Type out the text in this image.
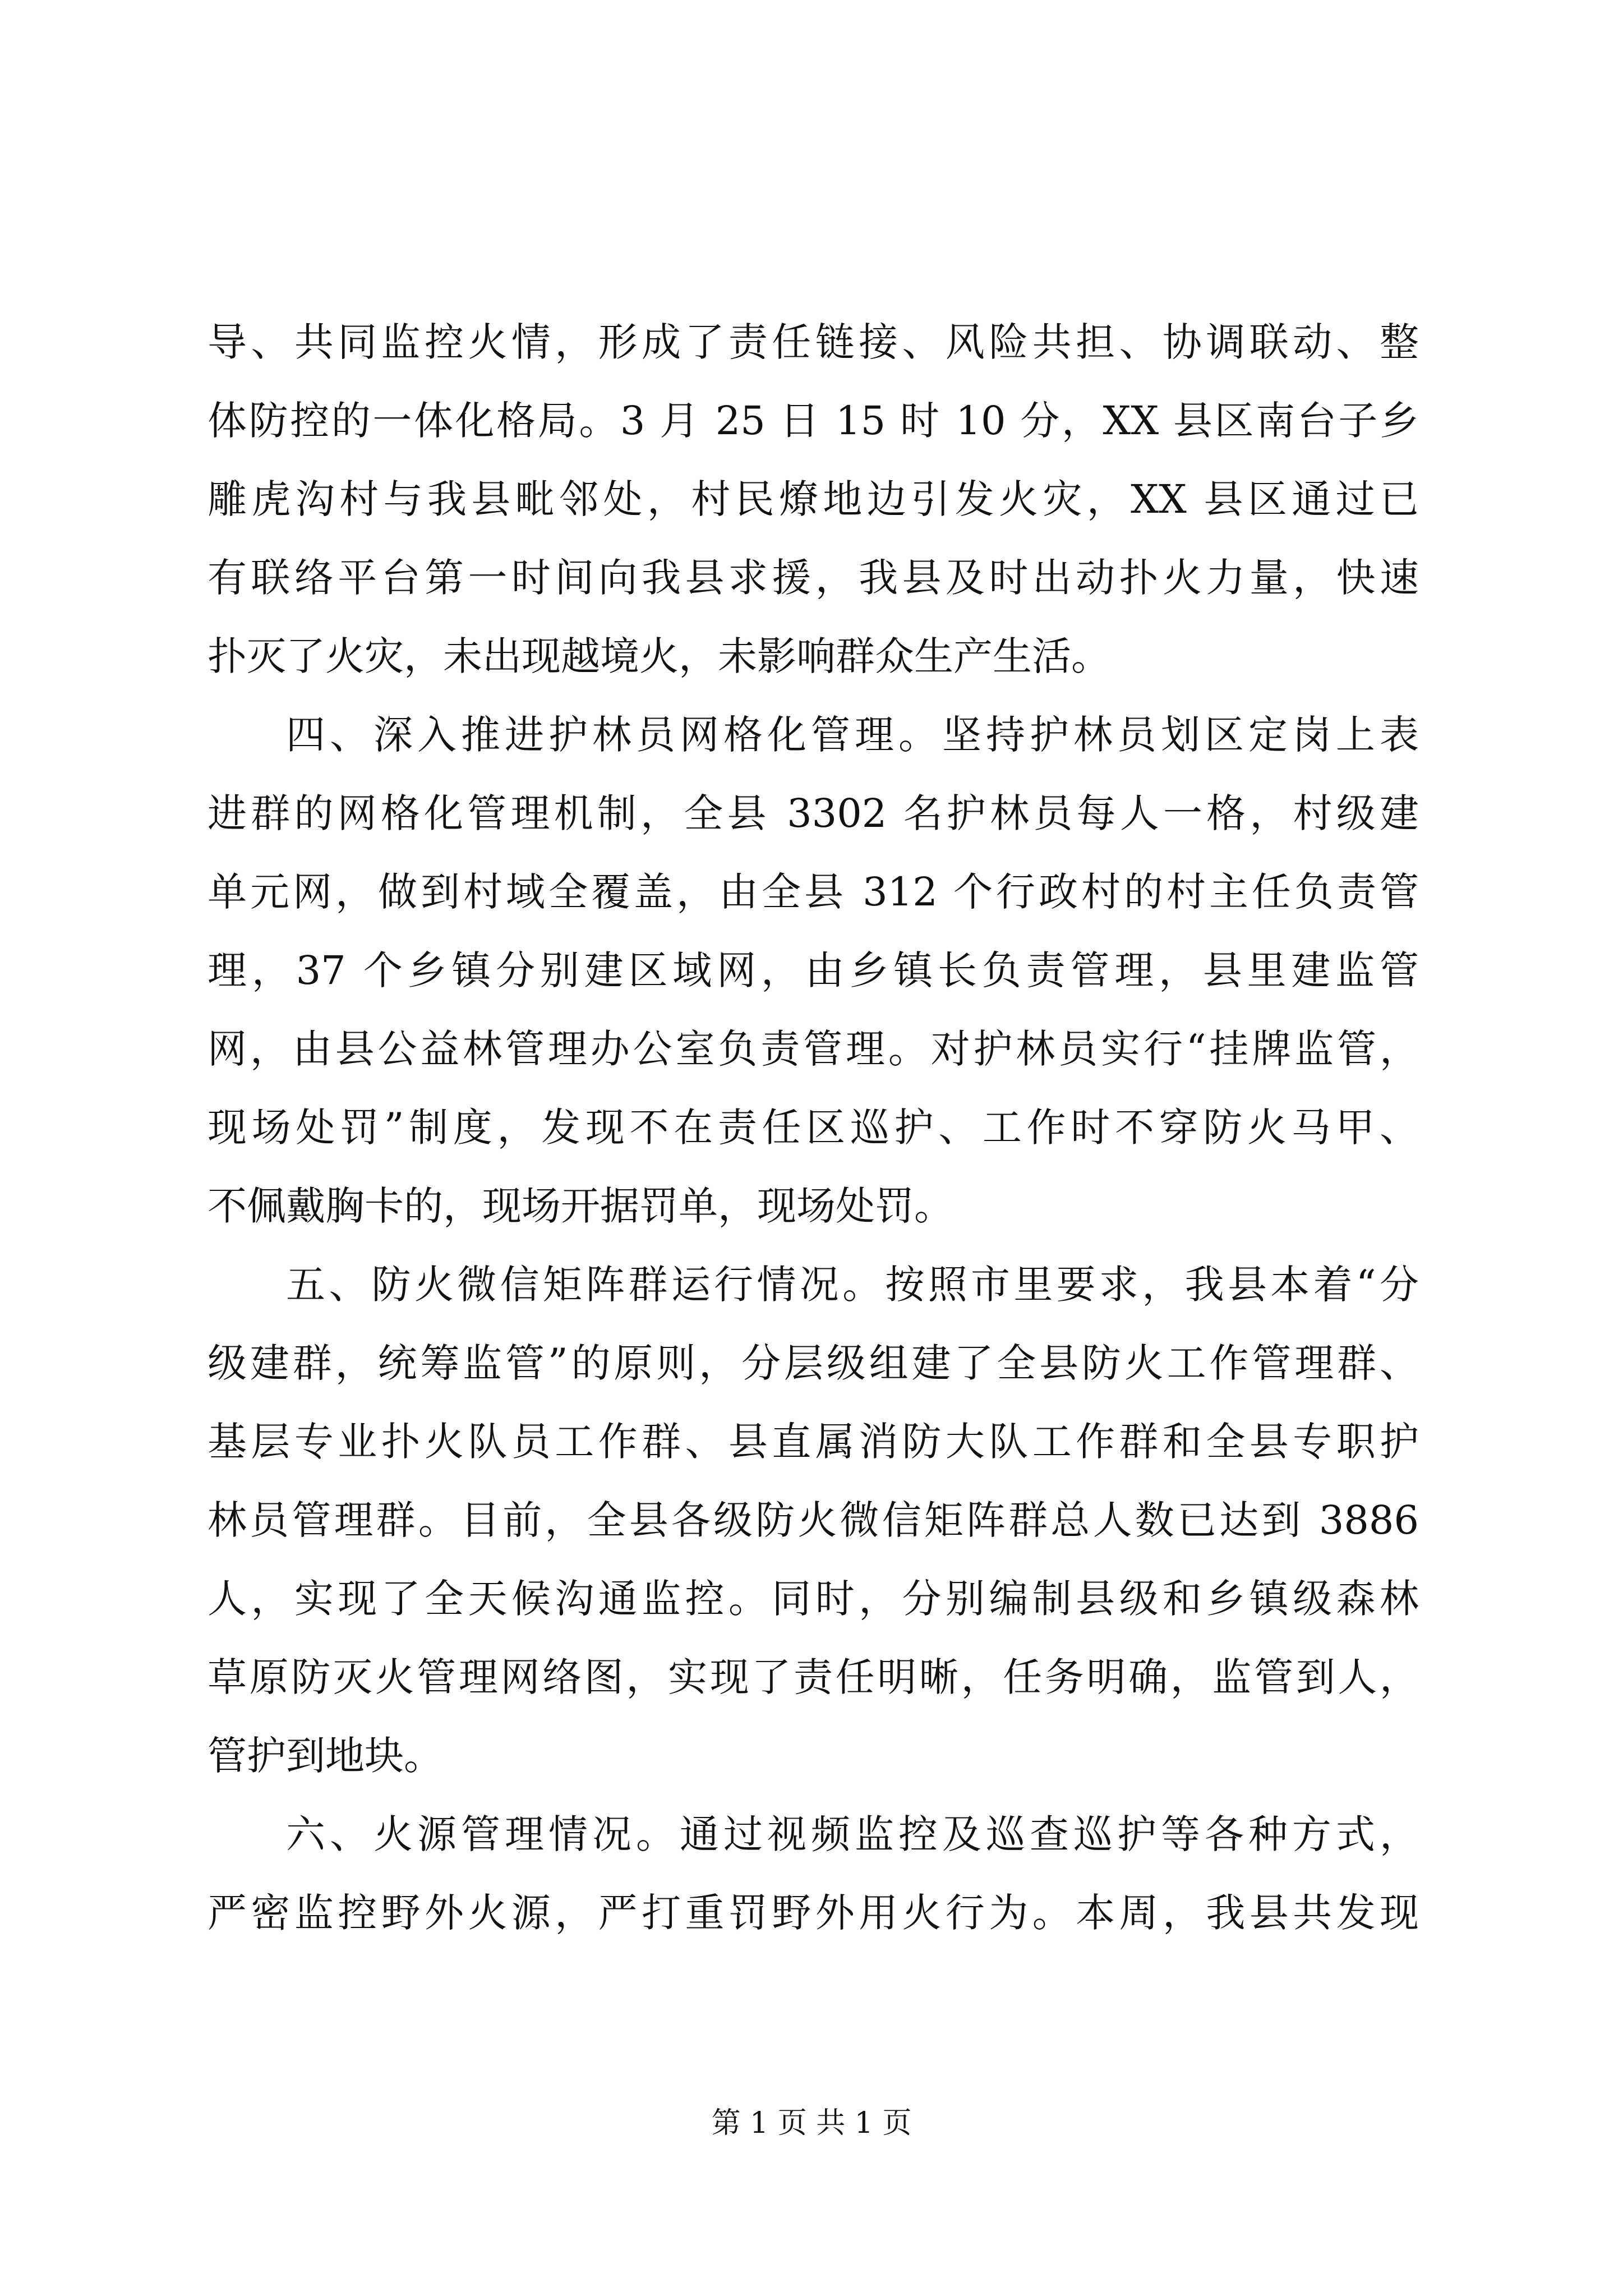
导、共同监控火情，形成了责任链接、风险共担、协调联动、整
体防控的一体化格局。3 月 25 日 15 时 10 分，XX 县区南台子乡
雕虎沟村与我县毗邻处，村民燎地边引发火灾，XX 县区通过已
有联络平台第一时间向我县求援，我县及时出动扑火力量，快速
扑灭了火灾，未出现越境火，未影响群众生产生活。
四、深入推进护林员网格化管理。坚持护林员划区定岗上表
进群的网格化管理机制，全县 3302 名护林员每人一格，村级建
单元网，做到村域全覆盖，由全县 312 个行政村的村主任负责管
理，37 个乡镇分别建区域网，由乡镇长负责管理，县里建监管
网，由县公益林管理办公室负责管理。对护林员实行“挂牌监管，
现场处罚”制度，发现不在责任区巡护、工作时不穿防火马甲、
不佩戴胸卡的，现场开据罚单，现场处罚。
五、防火微信矩阵群运行情况。按照市里要求，我县本着“分
级建群，统筹监管”的原则，分层级组建了全县防火工作管理群、
基层专业扑火队员工作群、县直属消防大队工作群和全县专职护
林员管理群。目前，全县各级防火微信矩阵群总人数已达到 3886
人，实现了全天候沟通监控。同时，分别编制县级和乡镇级森林
草原防灭火管理网络图，实现了责任明晰，任务明确，监管到人，
管护到地块。
六、火源管理情况。通过视频监控及巡查巡护等各种方式，
严密监控野外火源，严打重罚野外用火行为。本周，我县共发现
第 1 页 共 1 页
